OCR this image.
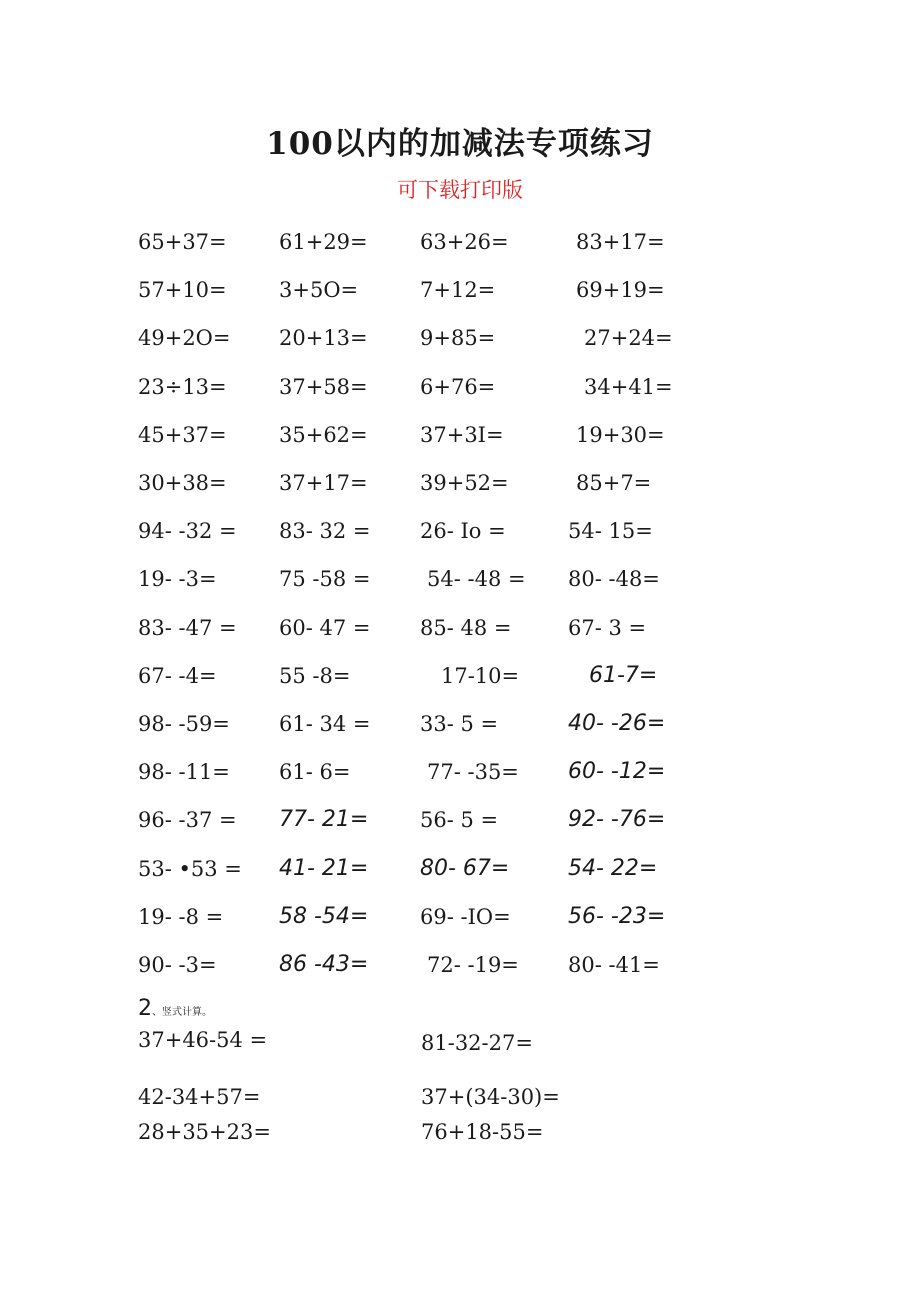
100以内的加减法专项练习
可下载打印版
65+37= 61+29= 63+26=	83+17=
57+10= 3+5O=	7+12=	69+19=
49+2O= 20+13= 9+85=	27+24=
23÷13= 37+58= 6+76=	34+41=
45+37= 35+62= 37+3I=	19+30=
30+38= 37+17= 39+52=	85+7=
94- -32 = 83- 32 = 26- Io =	54- 15=
19- -3=	75 -58 =	54- -48 = 80- -48=
83- -47 = 60- 47 = 85- 48 =	67- 3 =
67- -4=	55 -8=	17-10=	61-7=
98- -59= 61- 34 = 33- 5 =	40- -26=
98- -11= 61- 6=	77- -35= 60- -12=
96- -37 = 77- 21= 56- 5 =	92- -76=
53- •53 = 41- 21= 80- 67=	54- 22=
19- -8 =	58 -54= 69- -IO=	56- -23=
90- -3=	86 -43=	72- -19= 80- -41=
2、竖式计算。
37+46-54 =	81-32-27=
42-34+57=	37+(34-30)=
28+35+23=	76+18-55=
